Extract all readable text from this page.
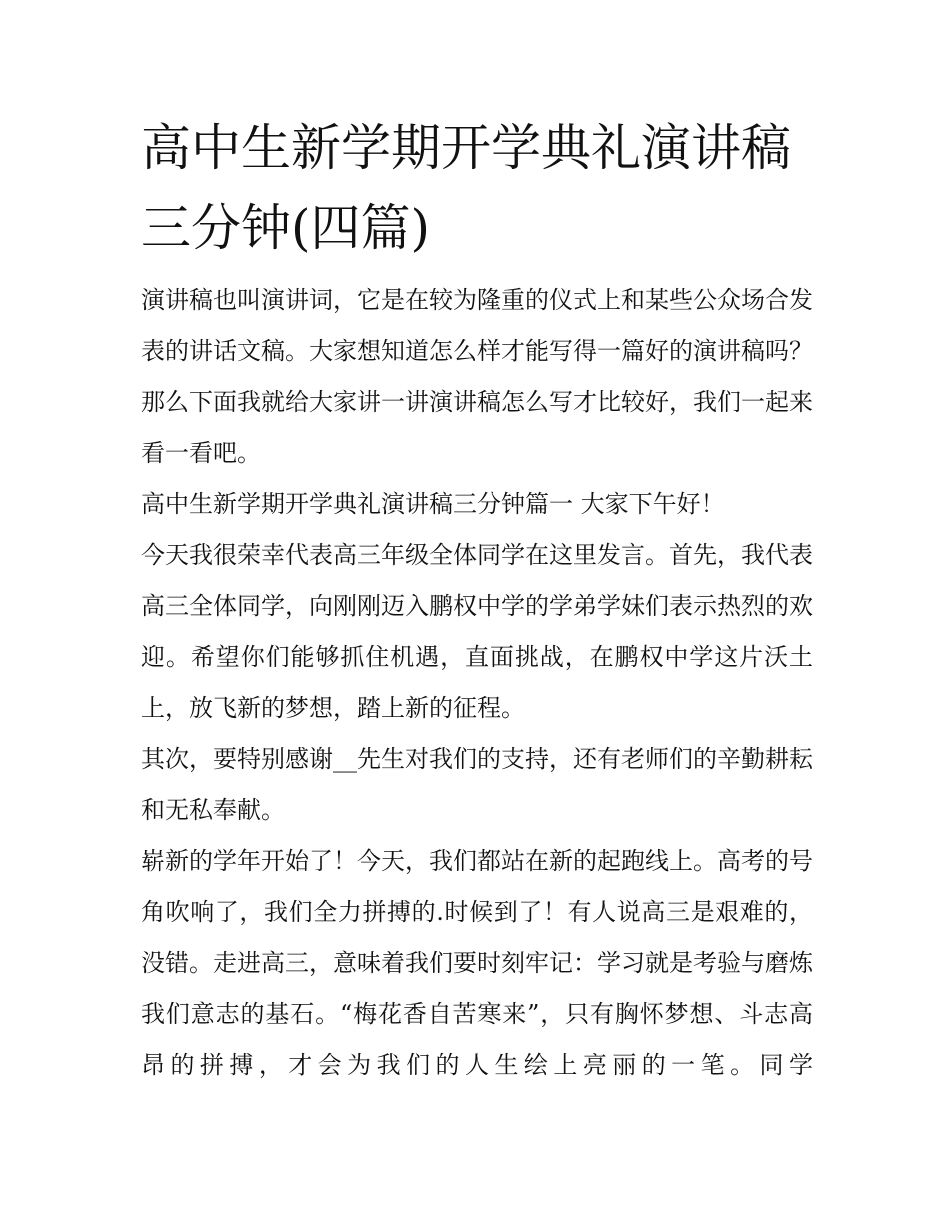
高中生新学期开学典礼演讲稿三分钟(四篇)

演讲稿也叫演讲词，它是在较为隆重的仪式上和某些公众场合发表的讲话文稿。大家想知道怎么样才能写得一篇好的演讲稿吗？那么下面我就给大家讲一讲演讲稿怎么写才比较好，我们一起来看一看吧。

高中生新学期开学典礼演讲稿三分钟篇一 大家下午好！

今天我很荣幸代表高三年级全体同学在这里发言。首先，我代表高三全体同学，向刚刚迈入鹏权中学的学弟学妹们表示热烈的欢迎。希望你们能够抓住机遇，直面挑战，在鹏权中学这片沃土上，放飞新的梦想，踏上新的征程。

其次，要特别感谢__先生对我们的支持，还有老师们的辛勤耕耘和无私奉献。

崭新的学年开始了！今天，我们都站在新的起跑线上。高考的号角吹响了，我们全力拼搏的.时候到了！有人说高三是艰难的，没错。走进高三，意味着我们要时刻牢记：学习就是考验与磨炼我们意志的基石。“梅花香自苦寒来”，只有胸怀梦想、斗志高昂的拼搏，才会为我们的人生绘上亮丽的一笔。同学
